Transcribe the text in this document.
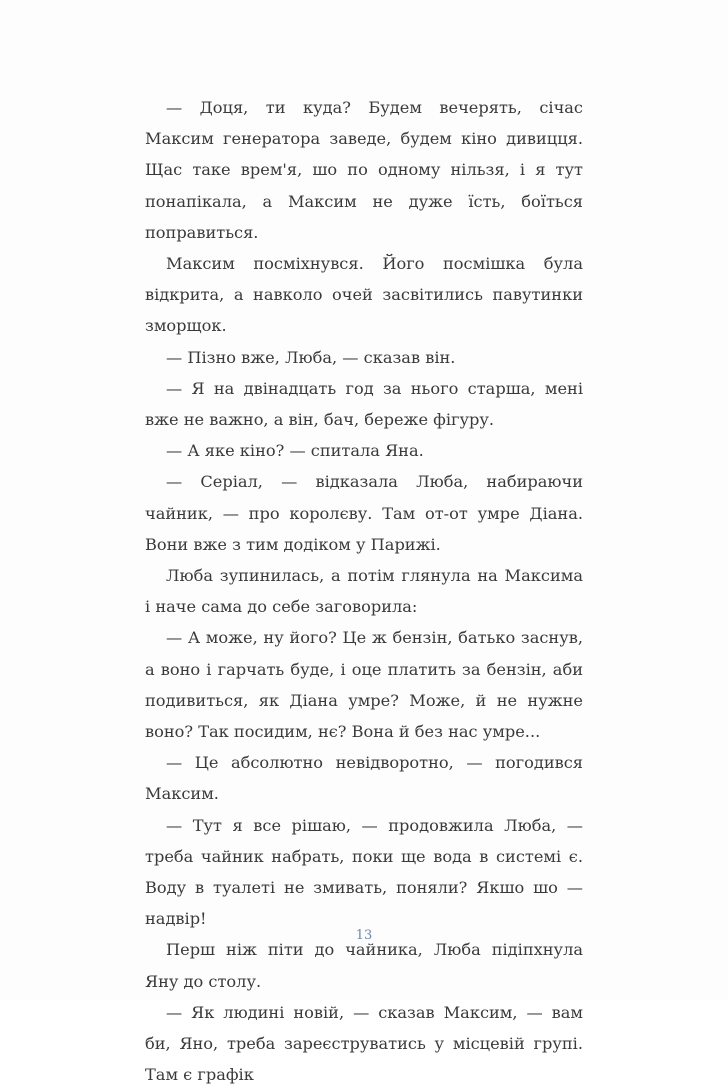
— Доця, ти куда? Будем вечерять, січас Максим генератора заведе, будем кіно дивицця. Щас таке врем'я, шо по одному нільзя, і я тут понапікала, а Максим не дуже їсть, боїться поправиться.

Максим посміхнувся. Його посмішка була відкрита, а навколо очей засвітились павутинки зморщок.

— Пізно вже, Люба, — сказав він.

— Я на двінадцать год за нього старша, мені вже не важно, а він, бач, береже фігуру.

— А яке кіно? — спитала Яна.

— Серіал, — відказала Люба, набираючи чайник, — про королєву. Там от-от умре Діана. Вони вже з тим додіком у Парижі.

Люба зупинилась, а потім глянула на Максима і наче сама до себе заговорила:

— А може, ну його? Це ж бензін, батько заснув, а воно і гарчать буде, і оце платить за бензін, аби подивиться, як Діана умре? Може, й не нужне воно? Так посидим, нє? Вона й без нас умре...

— Це абсолютно невідворотно, — погодився Максим.

— Тут я все рішаю, — продовжила Люба, — треба чайник набрать, поки ще вода в системі є. Воду в туалеті не змивать, поняли? Якшо шо — надвір!

Перш ніж піти до чайника, Люба підіпхнула Яну до столу.

— Як людині новій, — сказав Максим, — вам би, Яно, треба зареєструватись у місцевій групі. Там є графік

13
